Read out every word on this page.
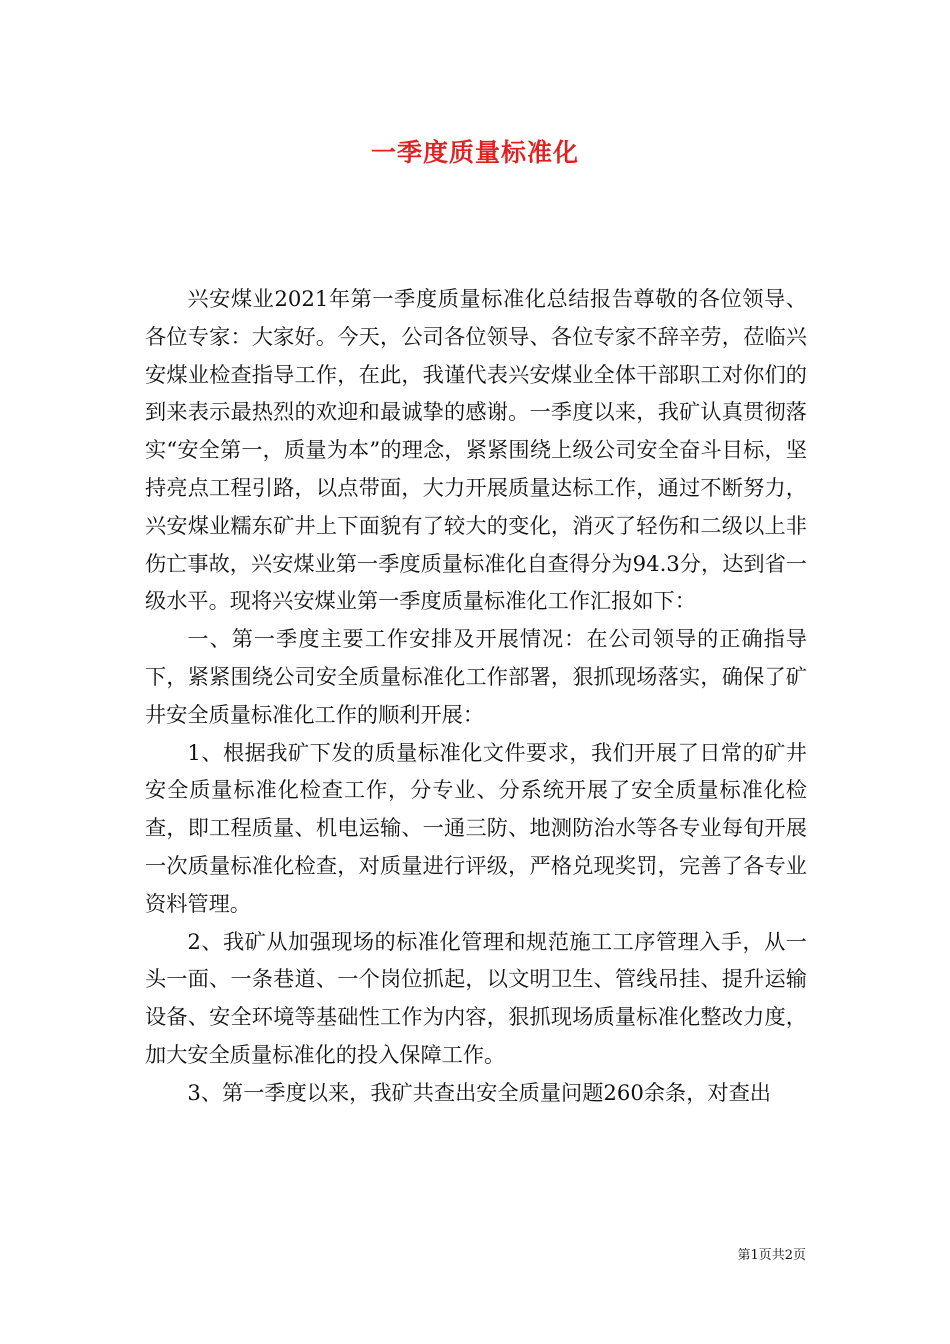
一季度质量标准化

兴安煤业2021年第一季度质量标准化总结报告尊敬的各位领导、各位专家：大家好。今天，公司各位领导、各位专家不辞辛劳，莅临兴安煤业检查指导工作，在此，我谨代表兴安煤业全体干部职工对你们的到来表示最热烈的欢迎和最诚挚的感谢。一季度以来，我矿认真贯彻落实“安全第一，质量为本”的理念，紧紧围绕上级公司安全奋斗目标，坚持亮点工程引路，以点带面，大力开展质量达标工作，通过不断努力，兴安煤业糯东矿井上下面貌有了较大的变化，消灭了轻伤和二级以上非伤亡事故，兴安煤业第一季度质量标准化自查得分为94.3分，达到省一级水平。现将兴安煤业第一季度质量标准化工作汇报如下：

一、第一季度主要工作安排及开展情况：在公司领导的正确指导下，紧紧围绕公司安全质量标准化工作部署，狠抓现场落实，确保了矿井安全质量标准化工作的顺利开展：

1、根据我矿下发的质量标准化文件要求，我们开展了日常的矿井安全质量标准化检查工作，分专业、分系统开展了安全质量标准化检查，即工程质量、机电运输、一通三防、地测防治水等各专业每旬开展一次质量标准化检查，对质量进行评级，严格兑现奖罚，完善了各专业资料管理。

2、我矿从加强现场的标准化管理和规范施工工序管理入手，从一头一面、一条巷道、一个岗位抓起，以文明卫生、管线吊挂、提升运输设备、安全环境等基础性工作为内容，狠抓现场质量标准化整改力度，加大安全质量标准化的投入保障工作。

3、第一季度以来，我矿共查出安全质量问题260余条，对查出

第1页共2页
